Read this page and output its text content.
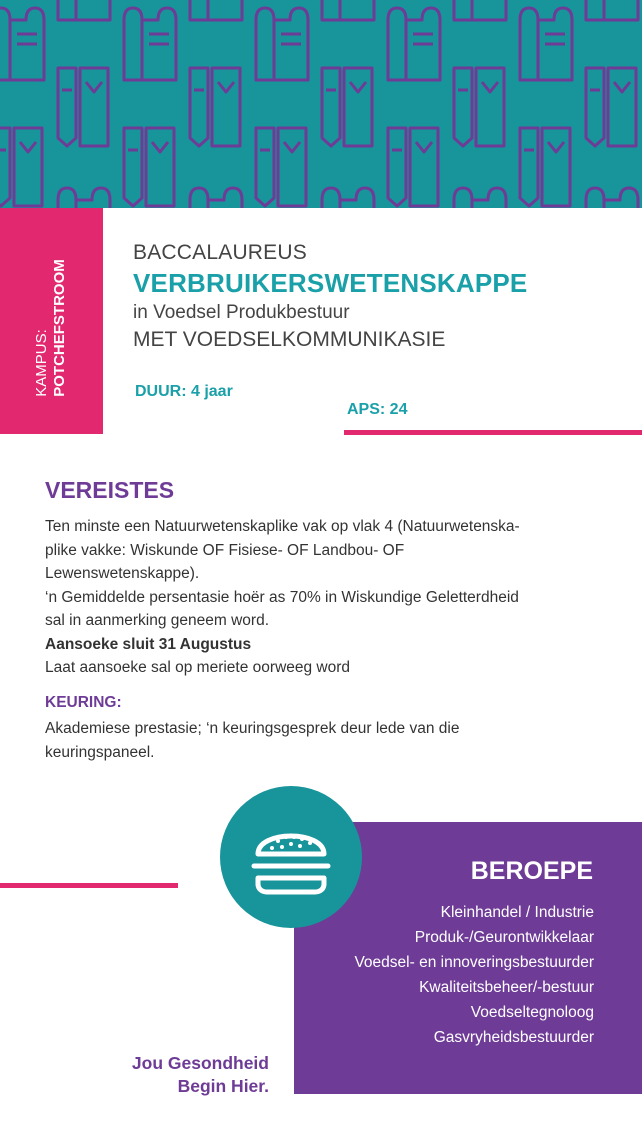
KAMPUS: POTCHEFSTROOM
BACCALAUREUS
VERBRUIKERSWETENSKAPPE
in Voedsel Produkbestuur
MET VOEDSELKOMMUNIKASIE
DUUR: 4 jaar
APS: 24
VEREISTES
Ten minste een Natuurwetenskaplike vak op vlak 4 (Natuurwetenska-
plike vakke: Wiskunde OF Fisiese- OF Landbou- OF
Lewenswetenskappe).
‘n Gemiddelde persentasie hoër as 70% in Wiskundige Geletterdheid
sal in aanmerking geneem word.
Aansoeke sluit 31 Augustus
Laat aansoeke sal op meriete oorweeg word
KEURING:
Akademiese prestasie; ‘n keuringsgesprek deur lede van die
keuringspaneel.
BEROEPE
Kleinhandel / Industrie
Produk-/Geurontwikkelaar
Voedsel- en innoveringsbestuurder
Kwaliteitsbeheer/-bestuur
Voedseltegnoloog
Gasvryheidsbestuurder
Jou Gesondheid
Begin Hier.
